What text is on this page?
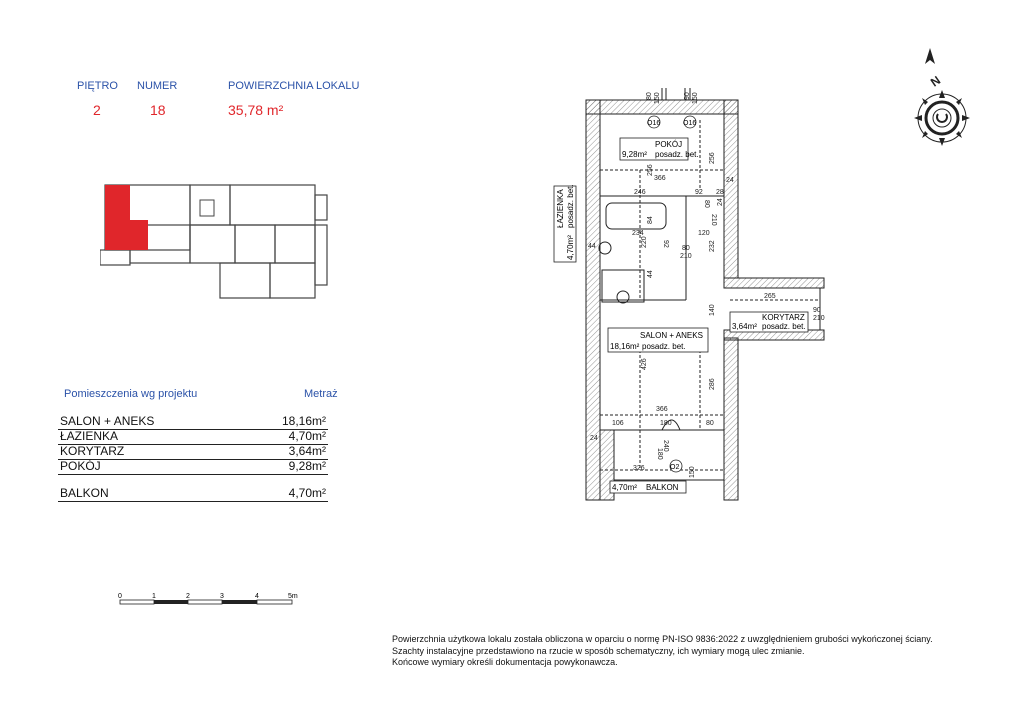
PIĘTRO NUMER	POWIERZCHNIA LOKALU
2	18	35,78 m²
Pomieszczenia wg projektu	Metraż
SALON + ANEKS	18,16m²
ŁAZIENKA	4,70m²
KORYTARZ	3,64m²
POKÓJ	9,28m²
BALKON	4,70m²
0	1	2	3	4	5m
O16	O16
O2
POKÓJ
9,28m² posadz. bet.
SALON + ANEKS
18,16m² posadz. bet.
KORYTARZ
3,64m² posadz. bet.
4,70m² BALKON
ŁAZIENKA
4,70m²
posadz. bet.
80 150	90 150
256
366
256
24
246	92 28
24
210
80
234
220
120
232
84
92
80
210
44
44
265
90
210
140
426
286
366
106	180	80
24
180
240
326	150
N
Powierzchnia użytkowa lokalu została obliczona w oparciu o normę PN-ISO 9836:2022 z uwzględnieniem grubości wykończonej ściany.
Szachty instalacyjne przedstawiono na rzucie w sposób schematyczny, ich wymiary mogą ulec zmianie.
Końcowe wymiary określi dokumentacja powykonawcza.
